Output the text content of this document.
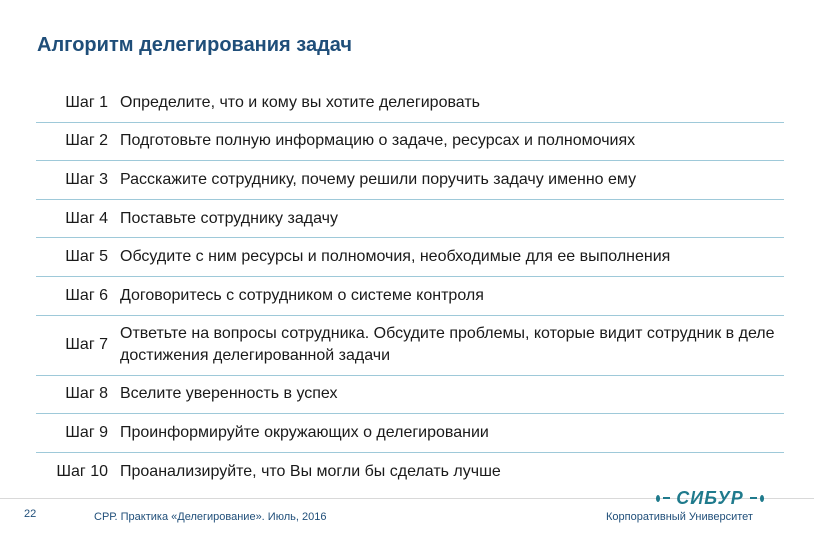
Алгоритм делегирования задач
Шаг 1 Определите, что и кому вы хотите делегировать
Шаг 2 Подготовьте полную информацию о задаче, ресурсах и полномочиях
Шаг 3 Расскажите сотруднику, почему решили поручить задачу именно ему
Шаг 4 Поставьте сотруднику задачу
Шаг 5 Обсудите с ним ресурсы и полномочия, необходимые для ее выполнения
Шаг 6 Договоритесь с сотрудником о системе контроля
Шаг 7
Ответьте на вопросы сотрудника. Обсудите проблемы, которые видит сотрудник в деле достижения делегированной задачи
Шаг 8 Вселите уверенность в успех
Шаг 9 Проинформируйте окружающих о делегировании
Шаг 10 Проанализируйте, что Вы могли бы сделать лучше
22	СРР. Практика «Делегирование». Июль, 2016
СИБУР
Корпоративный Университет
